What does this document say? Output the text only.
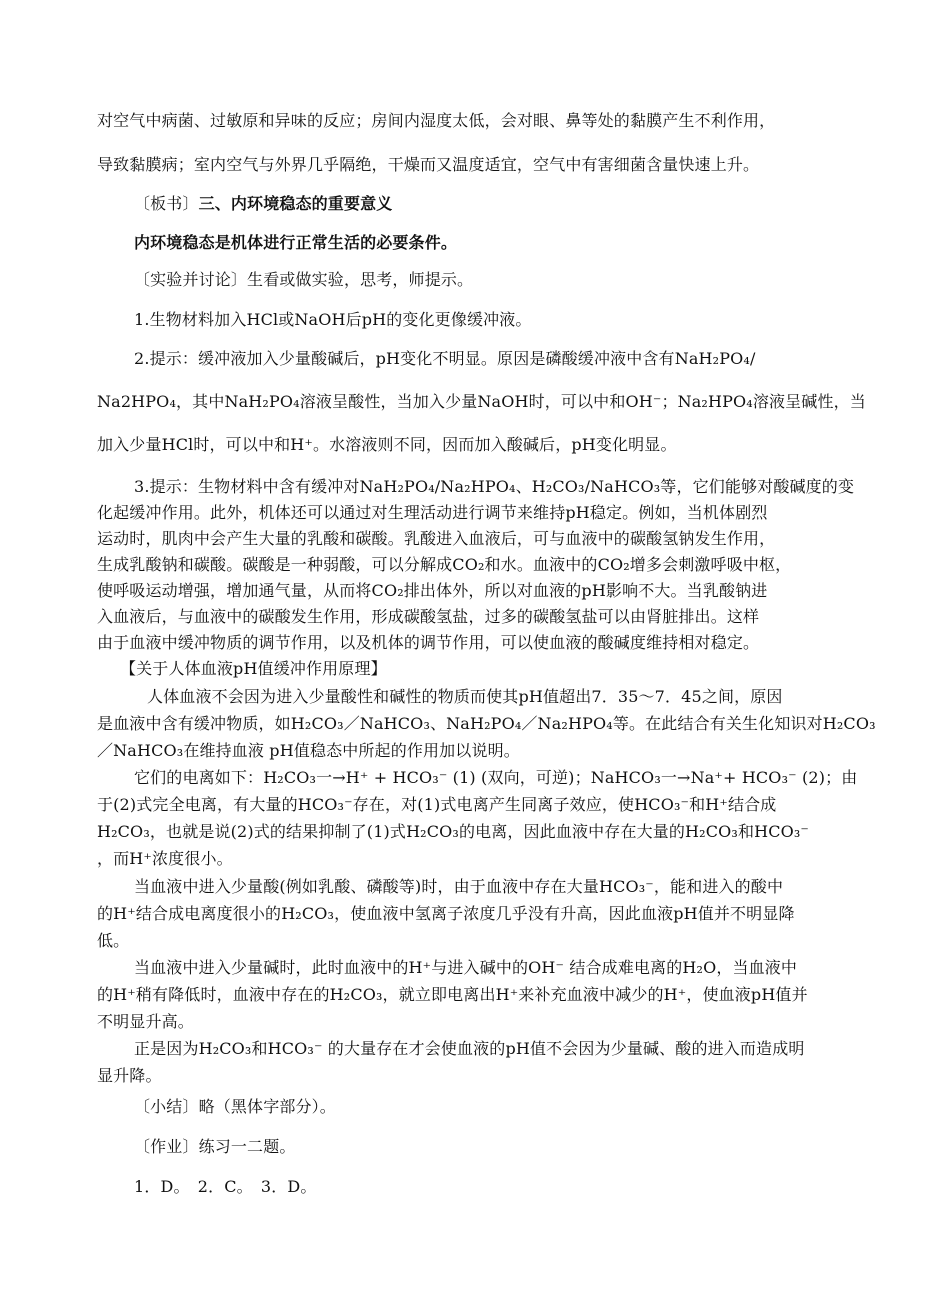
对空气中病菌、过敏原和异味的反应；房间内湿度太低，会对眼、鼻等处的黏膜产生不利作用，
导致黏膜病；室内空气与外界几乎隔绝，干燥而又温度适宜，空气中有害细菌含量快速上升。
〔板书〕三、内环境稳态的重要意义
内环境稳态是机体进行正常生活的必要条件。
〔实验并讨论〕生看或做实验，思考，师提示。
1.生物材料加入HCl或NaOH后pH的变化更像缓冲液。
2.提示：缓冲液加入少量酸碱后，pH变化不明显。原因是磷酸缓冲液中含有NaH₂PO₄/
Na2HPO₄，其中NaH₂PO₄溶液呈酸性，当加入少量NaOH时，可以中和OH⁻；Na₂HPO₄溶液呈碱性，当
加入少量HCl时，可以中和H⁺。水溶液则不同，因而加入酸碱后，pH变化明显。
3.提示：生物材料中含有缓冲对NaH₂PO₄/Na₂HPO₄、H₂CO₃/NaHCO₃等，它们能够对酸碱度的变
化起缓冲作用。此外，机体还可以通过对生理活动进行调节来维持pH稳定。例如，当机体剧烈
运动时，肌肉中会产生大量的乳酸和碳酸。乳酸进入血液后，可与血液中的碳酸氢钠发生作用，
生成乳酸钠和碳酸。碳酸是一种弱酸，可以分解成CO₂和水。血液中的CO₂增多会刺激呼吸中枢，
使呼吸运动增强，增加通气量，从而将CO₂排出体外，所以对血液的pH影响不大。当乳酸钠进
入血液后，与血液中的碳酸发生作用，形成碳酸氢盐，过多的碳酸氢盐可以由肾脏排出。这样
由于血液中缓冲物质的调节作用，以及机体的调节作用，可以使血液的酸碱度维持相对稳定。
【关于人体血液pH值缓冲作用原理】
人体血液不会因为进入少量酸性和碱性的物质而使其pH值超出7．35～7．45之间，原因
是血液中含有缓冲物质，如H₂CO₃／NaHCO₃、NaH₂PO₄／Na₂HPO₄等。在此结合有关生化知识对H₂CO₃
／NaHCO₃在维持血液 pH值稳态中所起的作用加以说明。
它们的电离如下：H₂CO₃一→H⁺ + HCO₃⁻ (1) (双向，可逆)；NaHCO₃一→Na⁺+ HCO₃⁻ (2)；由
于(2)式完全电离，有大量的HCO₃⁻存在，对(1)式电离产生同离子效应，使HCO₃⁻和H⁺结合成
H₂CO₃，也就是说(2)式的结果抑制了(1)式H₂CO₃的电离，因此血液中存在大量的H₂CO₃和HCO₃⁻
，而H⁺浓度很小。
当血液中进入少量酸(例如乳酸、磷酸等)时，由于血液中存在大量HCO₃⁻，能和进入的酸中
的H⁺结合成电离度很小的H₂CO₃，使血液中氢离子浓度几乎没有升高，因此血液pH值并不明显降
低。
当血液中进入少量碱时，此时血液中的H⁺与进入碱中的OH⁻ 结合成难电离的H₂O，当血液中
的H⁺稍有降低时，血液中存在的H₂CO₃，就立即电离出H⁺来补充血液中减少的H⁺，使血液pH值并
不明显升高。
正是因为H₂CO₃和HCO₃⁻ 的大量存在才会使血液的pH值不会因为少量碱、酸的进入而造成明
显升降。
〔小结〕略（黑体字部分）。
〔作业〕练习一二题。
1．D。　2．C。　3．D。
